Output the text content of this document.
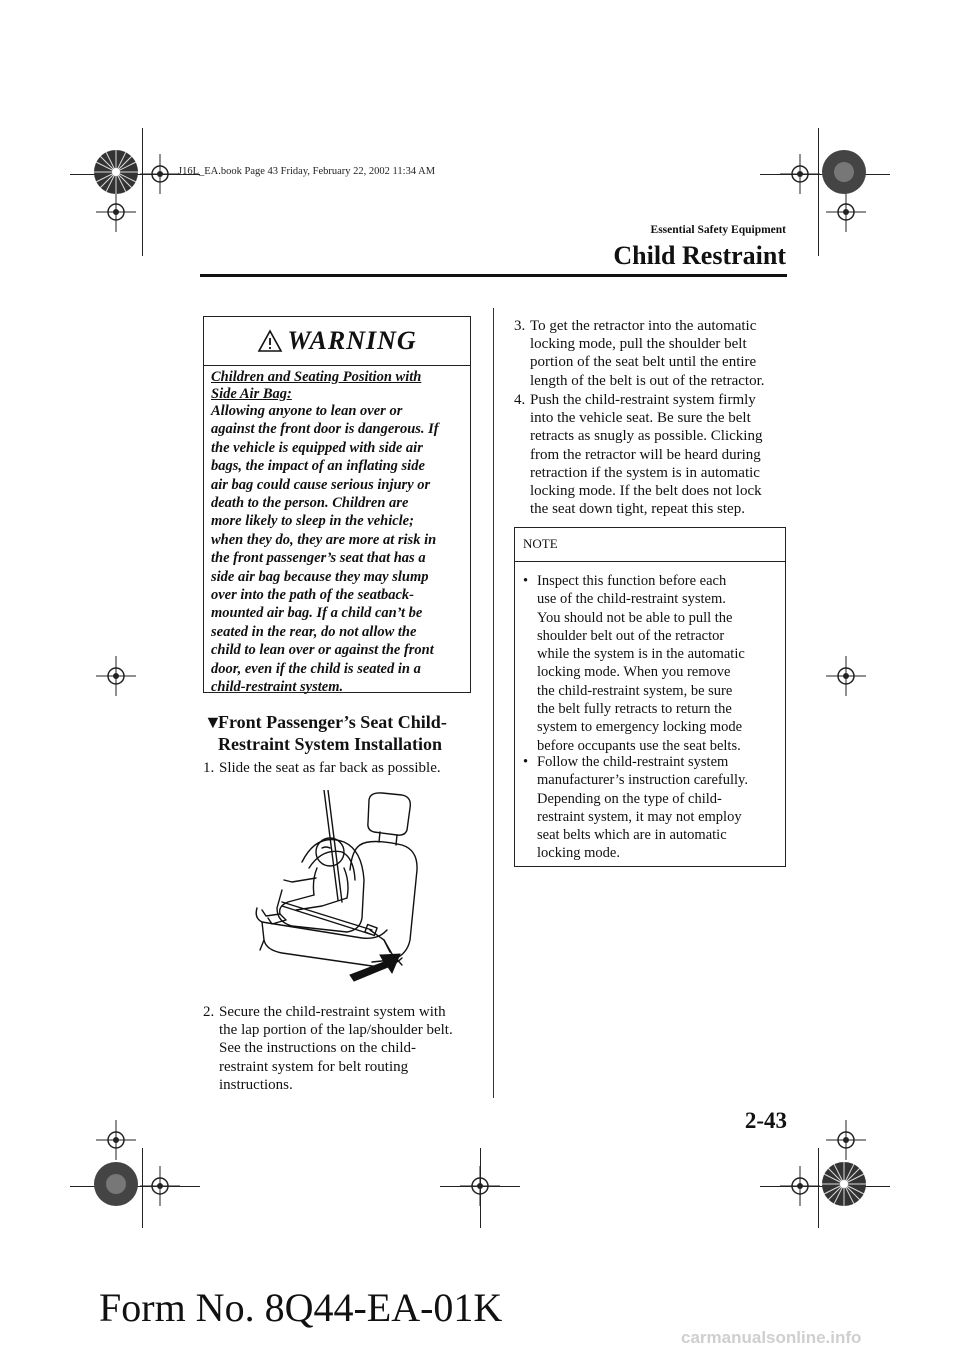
J16L_EA.book Page 43 Friday, February 22, 2002 11:34 AM
Essential Safety Equipment
Child Restraint
WARNING
Children and Seating Position with
Side Air Bag:
Allowing anyone to lean over or
against the front door is dangerous. If
the vehicle is equipped with side air
bags, the impact of an inflating side
air bag could cause serious injury or
death to the person. Children are
more likely to sleep in the vehicle;
when they do, they are more at risk in
the front passenger’s seat that has a
side air bag because they may slump
over into the path of the seatback-
mounted air bag. If a child can’t be
seated in the rear, do not allow the
child to lean over or against the front
door, even if the child is seated in a
child-restraint system.
▼Front Passenger’s Seat Child-
Restraint System Installation
1. Slide the seat as far back as possible.
2. Secure the child-restraint system with
the lap portion of the lap/shoulder belt.
See the instructions on the child-
restraint system for belt routing
instructions.
3. To get the retractor into the automatic
locking mode, pull the shoulder belt
portion of the seat belt until the entire
length of the belt is out of the retractor.
4. Push the child-restraint system firmly
into the vehicle seat. Be sure the belt
retracts as snugly as possible. Clicking
from the retractor will be heard during
retraction if the system is in automatic
locking mode. If the belt does not lock
the seat down tight, repeat this step.
NOTE
• Inspect this function before each
use of the child-restraint system.
You should not be able to pull the
shoulder belt out of the retractor
while the system is in the automatic
locking mode. When you remove
the child-restraint system, be sure
the belt fully retracts to return the
system to emergency locking mode
before occupants use the seat belts.
• Follow the child-restraint system
manufacturer’s instruction carefully.
Depending on the type of child-
restraint system, it may not employ
seat belts which are in automatic
locking mode.
2-43
Form No. 8Q44-EA-01K
carmanualsonline.info
